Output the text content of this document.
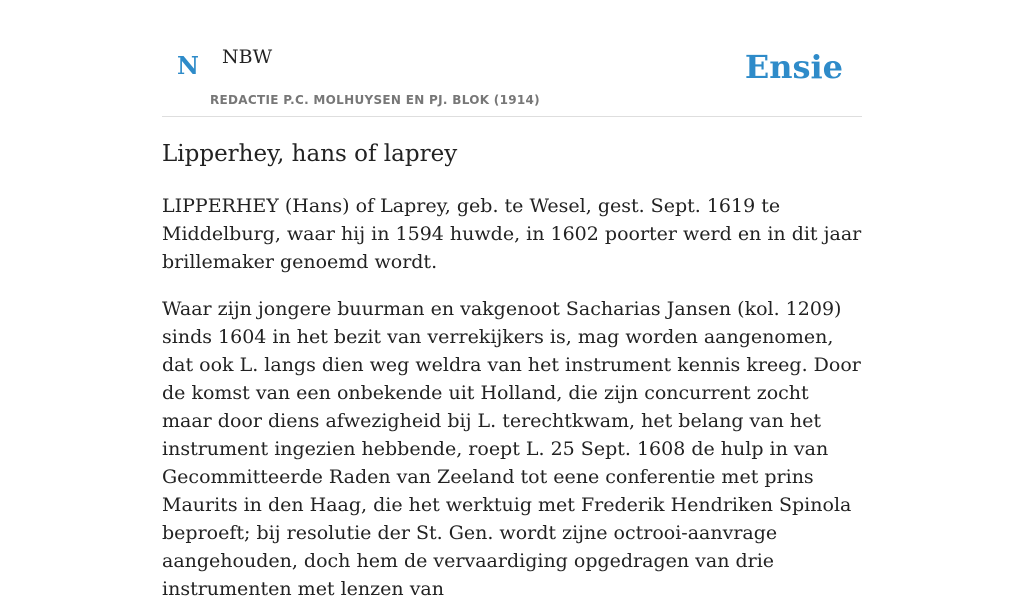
N NBW
REDACTIE P.C. MOLHUYSEN EN PJ. BLOK (1914)
Ensie
Lipperhey, hans of laprey

LIPPERHEY (Hans) of Laprey, geb. te Wesel, gest. Sept. 1619 te Middelburg, waar hij in 1594 huwde, in 1602 poorter werd en in dit jaar brillemaker genoemd wordt.

Waar zijn jongere buurman en vakgenoot Sacharias Jansen (kol. 1209) sinds 1604 in het bezit van verrekijkers is, mag worden aangenomen, dat ook L. langs dien weg weldra van het instrument kennis kreeg. Door de komst van een onbekende uit Holland, die zijn concurrent zocht maar door diens afwezigheid bij L. terechtkwam, het belang van het instrument ingezien hebbende, roept L. 25 Sept. 1608 de hulp in van Gecommitteerde Raden van Zeeland tot eene conferentie met prins Maurits in den Haag, die het werktuig met Frederik Hendriken Spinola beproeft; bij resolutie der St. Gen. wordt zijne octrooi-aanvrage aangehouden, doch hem de vervaardiging opgedragen van drie instrumenten met lenzen van
